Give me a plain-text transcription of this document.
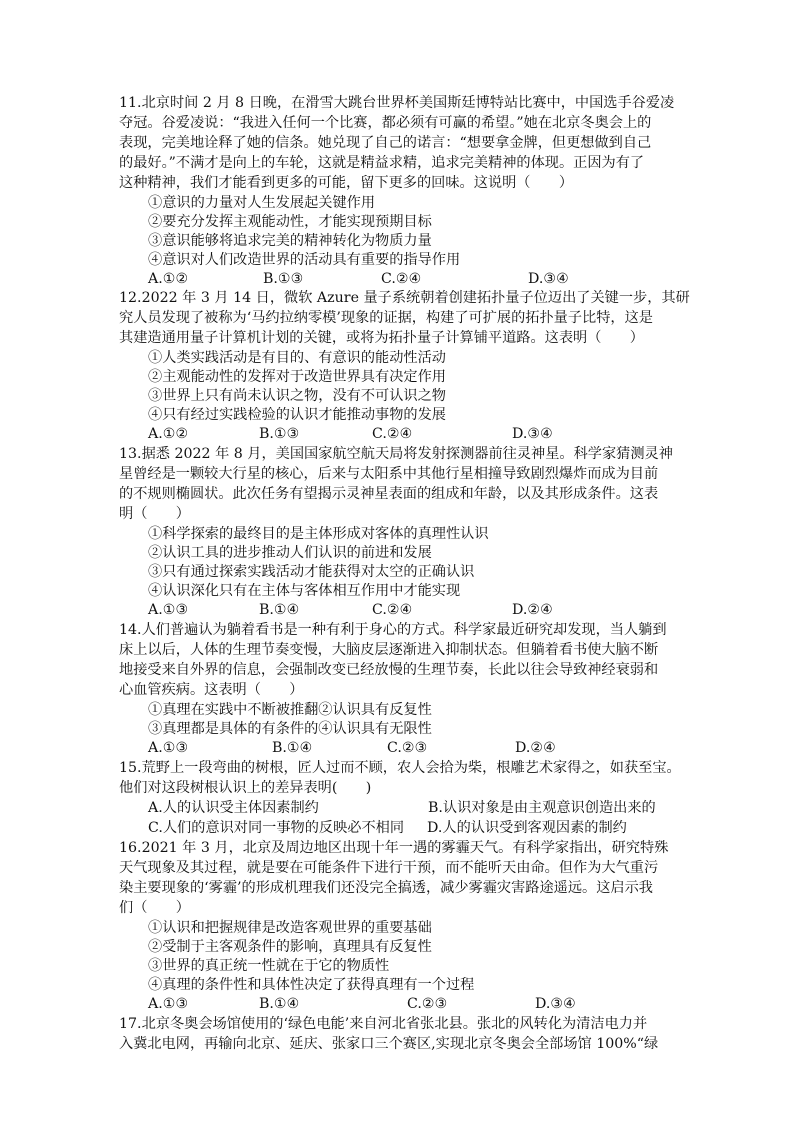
11.北京时间 2 月 8 日晚，在滑雪大跳台世界杯美国斯廷博特站比赛中，中国选手谷爱凌
夺冠。谷爱凌说：“我进入任何一个比赛，都必须有可赢的希望。”她在北京冬奥会上的
表现，完美地诠释了她的信条。她兑现了自己的诺言：“想要拿金牌，但更想做到自己
的最好。”不满才是向上的车轮，这就是精益求精，追求完美精神的体现。正因为有了
这种精神，我们才能看到更多的可能，留下更多的回味。这说明（　　）
①意识的力量对人生发展起关键作用
②要充分发挥主观能动性，才能实现预期目标
③意识能够将追求完美的精神转化为物质力量
④意识对人们改造世界的活动具有重要的指导作用
A.①②	B.①③	C.②④	D.③④
12.2022 年 3 月 14 日，微软 Azure 量子系统朝着创建拓扑量子位迈出了关键一步，其研
究人员发现了被称为‘马约拉纳零模’现象的证据，构建了可扩展的拓扑量子比特，这是
其建造通用量子计算机计划的关键，或将为拓扑量子计算铺平道路。这表明（　　）
①人类实践活动是有目的、有意识的能动性活动
②主观能动性的发挥对于改造世界具有决定作用
③世界上只有尚未认识之物，没有不可认识之物
④只有经过实践检验的认识才能推动事物的发展
A.①②	B.①③	C.②④	D.③④
13.据悉 2022 年 8 月，美国国家航空航天局将发射探测器前往灵神星。科学家猜测灵神
星曾经是一颗较大行星的核心，后来与太阳系中其他行星相撞导致剧烈爆炸而成为目前
的不规则椭圆状。此次任务有望揭示灵神星表面的组成和年龄，以及其形成条件。这表
明（　　）
①科学探索的最终目的是主体形成对客体的真理性认识
②认识工具的进步推动人们认识的前进和发展
③只有通过探索实践活动才能获得对太空的正确认识
④认识深化只有在主体与客体相互作用中才能实现
A.①③	B.①④	C.②④	D.②④
14.人们普遍认为躺着看书是一种有利于身心的方式。科学家最近研究却发现，当人躺到
床上以后，人体的生理节奏变慢，大脑皮层逐渐进入抑制状态。但躺着看书使大脑不断
地接受来自外界的信息，会强制改变已经放慢的生理节奏，长此以往会导致神经衰弱和
心血管疾病。这表明（　　）
①真理在实践中不断被推翻②认识具有反复性
③真理都是具体的有条件的④认识具有无限性
A.①③	B.①④	C.②③	D.②④
15.荒野上一段弯曲的树根，匠人过而不顾，农人会拾为柴，根雕艺术家得之，如获至宝。
他们对这段树根认识上的差异表明(　　)
A.人的认识受主体因素制约	B.认识对象是由主观意识创造出来的
C.人们的意识对同一事物的反映必不相同 D.人的认识受到客观因素的制约
16.2021 年 3 月，北京及周边地区出现十年一遇的雾霾天气。有科学家指出，研究特殊
天气现象及其过程，就是要在可能条件下进行干预，而不能听天由命。但作为大气重污
染主要现象的‘雾霾’的形成机理我们还没完全搞透，减少雾霾灾害路途遥远。这启示我
们（　　）
①认识和把握规律是改造客观世界的重要基础
②受制于主客观条件的影响，真理具有反复性
③世界的真正统一性就在于它的物质性
④真理的条件性和具体性决定了获得真理有一个过程
A.①③	B.①④	C.②③	D.③④
17.北京冬奥会场馆使用的‘绿色电能’来自河北省张北县。张北的风转化为清洁电力并
入冀北电网，再输向北京、延庆、张家口三个赛区,实现北京冬奥会全部场馆 100%“绿
